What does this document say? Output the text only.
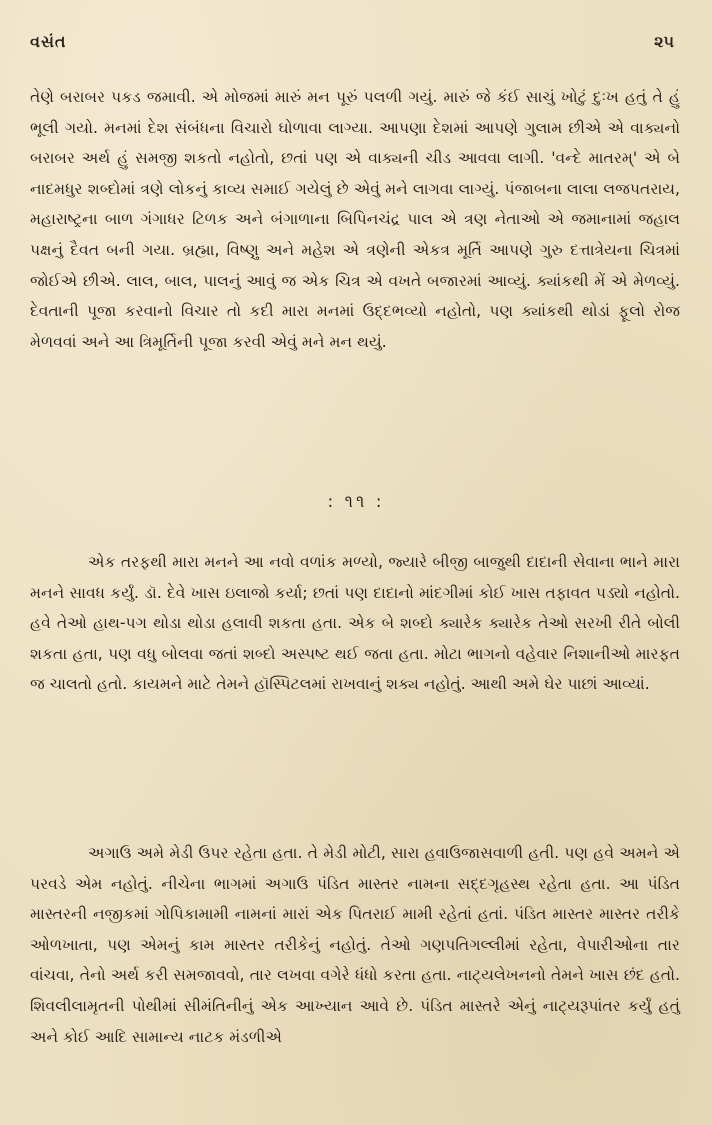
વસંત	૨૫

તેણે બરાબર પકડ જમાવી. એ મોજમાં મારું મન પૂરું પલળી ગયું. મારું જે કંઈ સાચું ખોટું દુઃખ હતું તે હું ભૂલી ગયો. મનમાં દેશ સંબંધના વિચારો ઘોળાવા લાગ્યા. આપણા દેશમાં આપણે ગુલામ છીએ એ વાક્યનો બરાબર અર્થ હું સમજી શકતો નહોતો, છતાં પણ એ વાક્યની ચીડ આવવા લાગી. 'વન્દે માતરમ્' એ બે નાદમધુર શબ્દોમાં ત્રણે લોકનું કાવ્ય સમાઈ ગયેલું છે એવું મને લાગવા લાગ્યું. પંજાબના લાલા લજપતરાય, મહારાષ્ટ્રના બાળ ગંગાધર ટિળક અને બંગાળાના બિપિનચંદ્ર પાલ એ ત્રણ નેતાઓ એ જમાનામાં જહાલ પક્ષનું દૈવત બની ગયા. બ્રહ્મા, વિષ્ણુ અને મહેશ એ ત્રણેની એકત્ર મૂર્તિ આપણે ગુરુ દત્તાત્રેયના ચિત્રમાં જોઈએ છીએ. લાલ, બાલ, પાલનું આવું જ એક ચિત્ર એ વખતે બજારમાં આવ્યું. ક્યાંકથી મેં એ મેળવ્યું. દેવતાની પૂજા કરવાનો વિચાર તો કદી મારા મનમાં ઉદ્દભવ્યો નહોતો, પણ ક્યાંકથી થોડાં ફૂલો રોજ મેળવવાં અને આ ત્રિમૂર્તિની પૂજા કરવી એવું મને મન થયું.

: ૧૧ :

એક તરફથી મારા મનને આ નવો વળાંક મળ્યો, જ્યારે બીજી બાજુથી દાદાની સેવાના ભાને મારા મનને સાવધ કર્યું. ડૉ. દેવે ખાસ ઇલાજો કર્યા; છતાં પણ દાદાનો માંદગીમાં કોઈ ખાસ તફાવત પડ્યો નહોતો. હવે તેઓ હાથ-પગ થોડા થોડા હલાવી શકતા હતા. એક બે શબ્દો ક્યારેક ક્યારેક તેઓ સરખી રીતે બોલી શકતા હતા, પણ વધુ બોલવા જતાં શબ્દો અસ્પષ્ટ થઈ જતા હતા. મોટા ભાગનો વહેવાર નિશાનીઓ મારફત જ ચાલતો હતો. કાયમને માટે તેમને હૉસ્પિટલમાં રાખવાનું શક્ય નહોતું. આથી અમે ઘેર પાછાં આવ્યાં.

અગાઉ અમે મેડી ઉપર રહેતા હતા. તે મેડી મોટી, સારા હવાઉજાસવાળી હતી. પણ હવે અમને એ પરવડે એમ નહોતું. નીચેના ભાગમાં અગાઉ પંડિત માસ્તર નામના સદ્દગૃહસ્થ રહેતા હતા. આ પંડિત માસ્તરની નજીકમાં ગોપિકામામી નામનાં મારાં એક પિતરાઈ મામી રહેતાં હતાં. પંડિત માસ્તર માસ્તર તરીકે ઓળખાતા, પણ એમનું કામ માસ્તર તરીકેનું નહોતું. તેઓ ગણપતિગલ્લીમાં રહેતા, વેપારીઓના તાર વાંચવા, તેનો અર્થ કરી સમજાવવો, તાર લખવા વગેરે ધંધો કરતા હતા. નાટ્યલેખનનો તેમને ખાસ છંદ હતો. શિવલીલામૃતની પોથીમાં સીમંતિનીનું એક આખ્યાન આવે છે. પંડિત માસ્તરે એનું નાટ્યરૂપાંતર કર્યું હતું અને કોઈ આદિ સામાન્ય નાટક મંડળીએ
